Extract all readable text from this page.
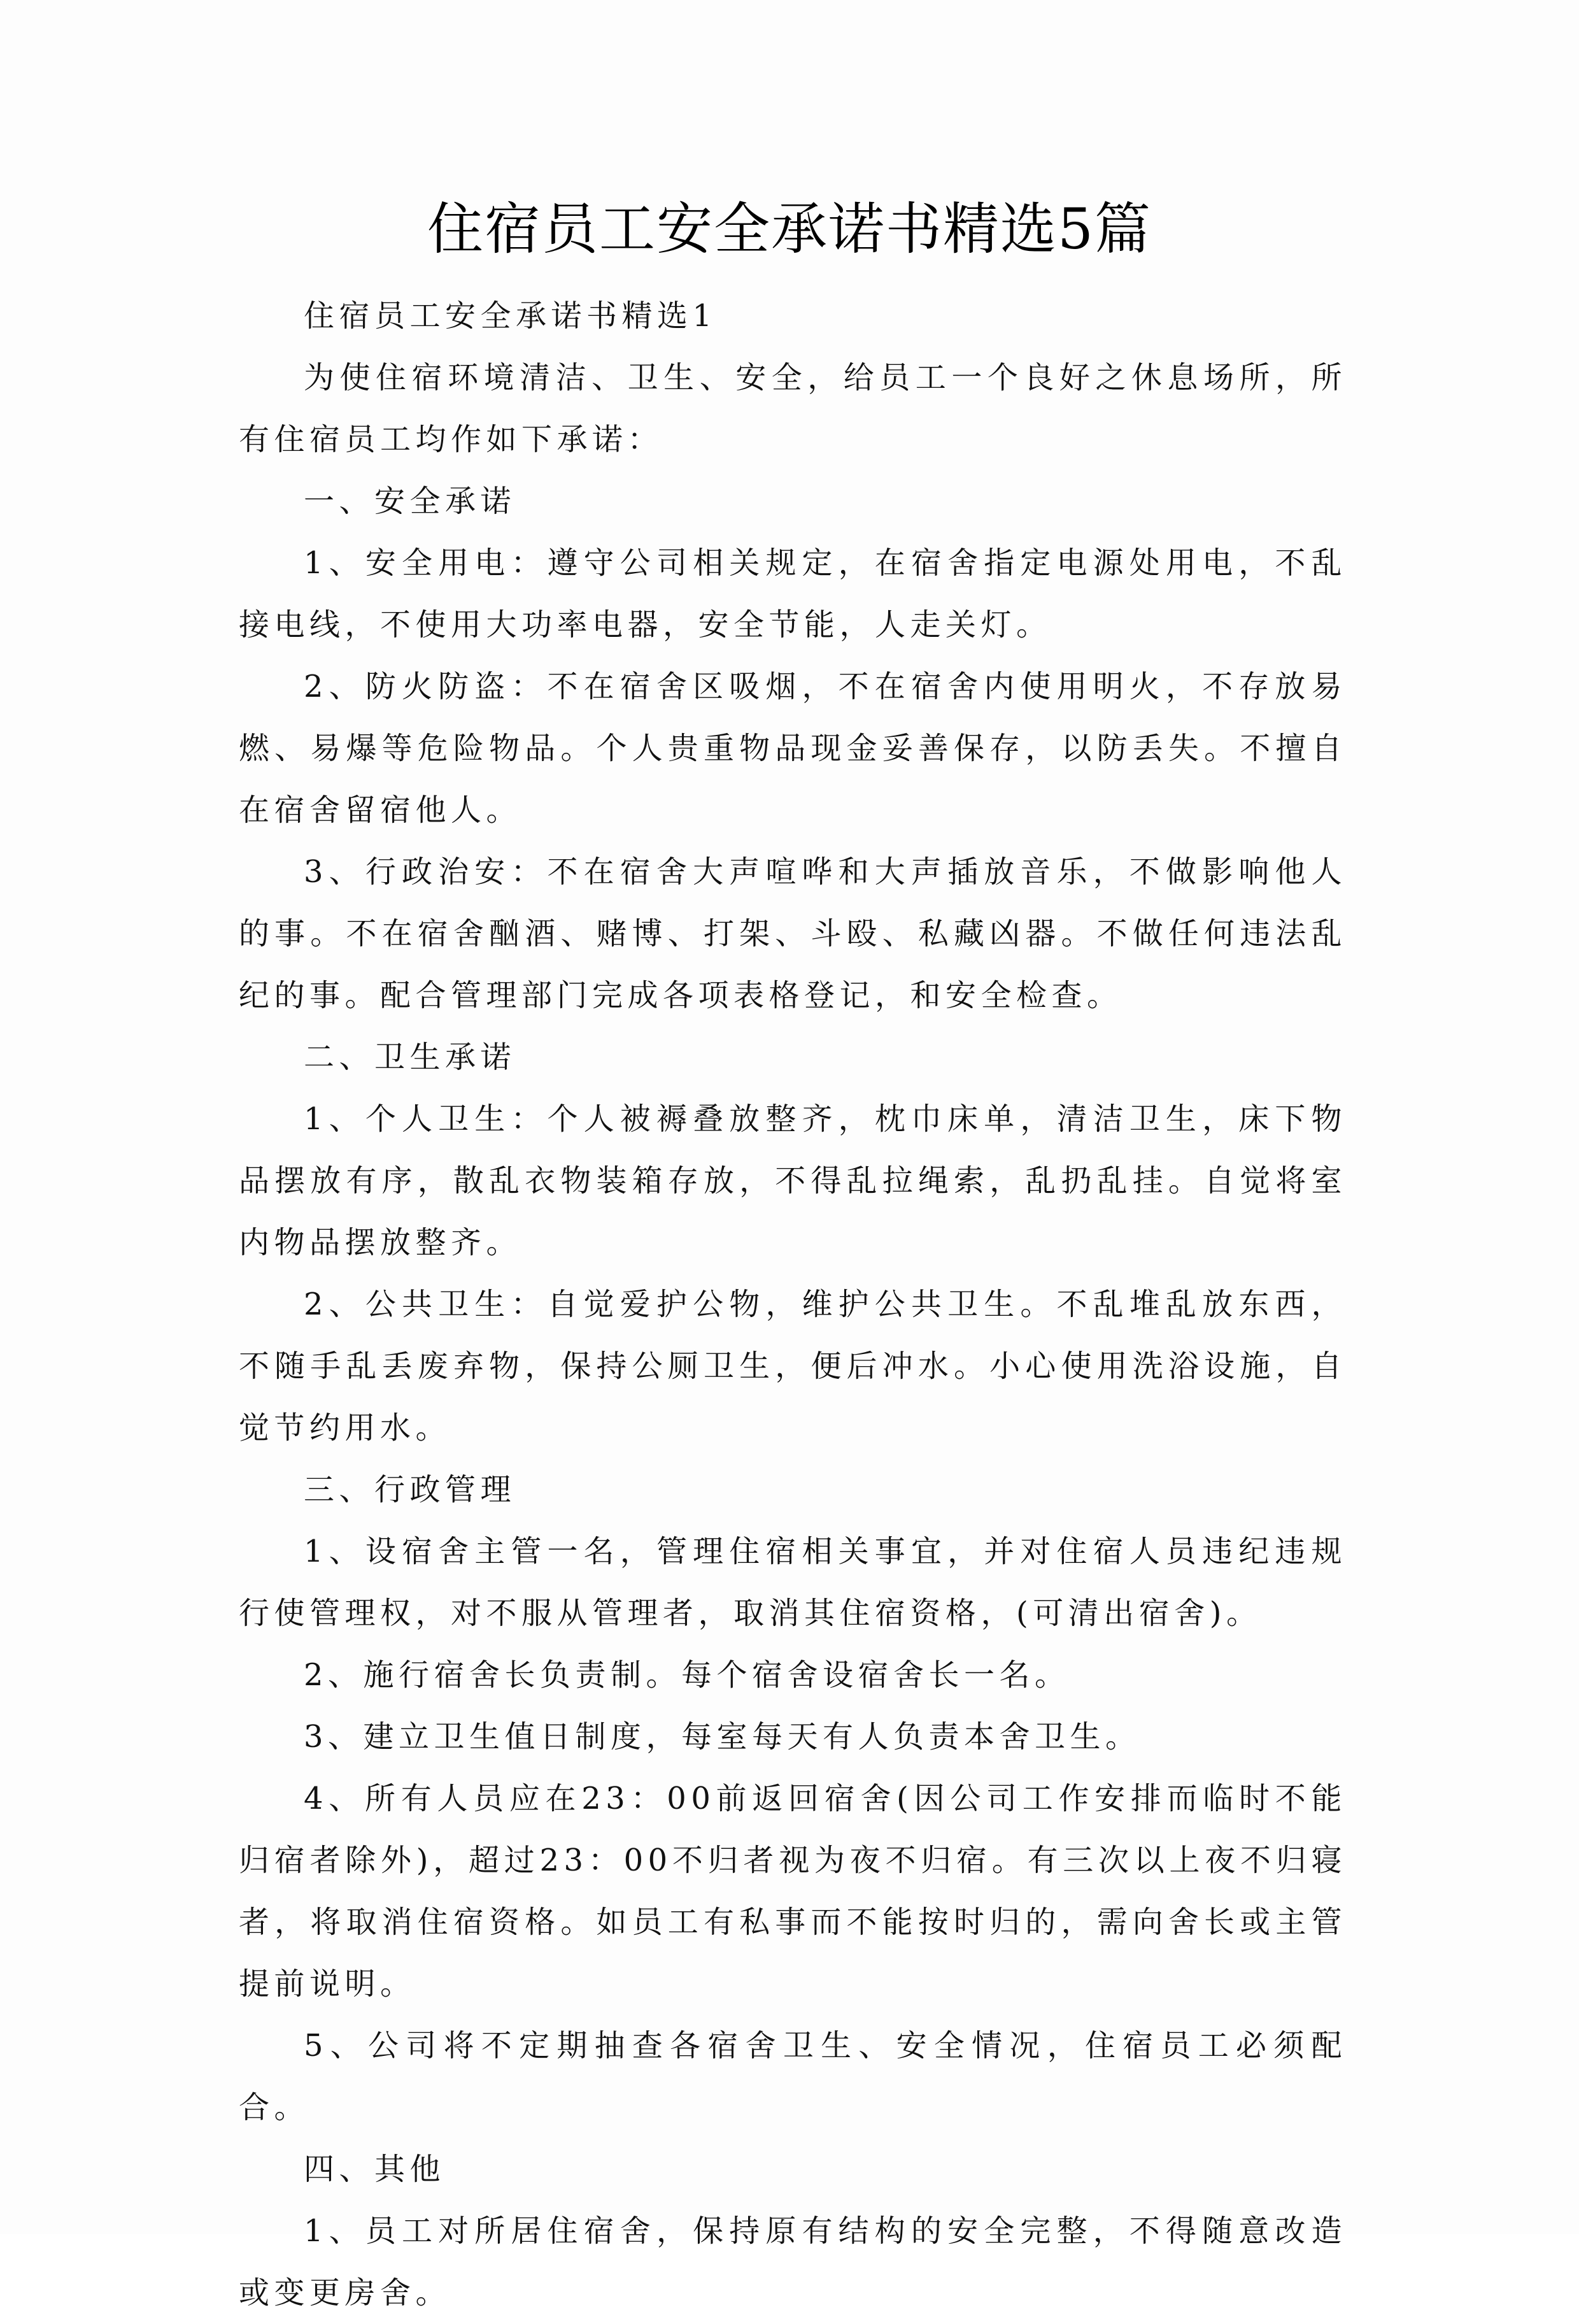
住宿员工安全承诺书精选5篇

住宿员工安全承诺书精选1

为使住宿环境清洁、卫生、安全，给员工一个良好之休息场所，所有住宿员工均作如下承诺：

一、安全承诺

1、安全用电：遵守公司相关规定，在宿舍指定电源处用电，不乱接电线，不使用大功率电器，安全节能，人走关灯。

2、防火防盗：不在宿舍区吸烟，不在宿舍内使用明火，不存放易燃、易爆等危险物品。个人贵重物品现金妥善保存，以防丢失。不擅自在宿舍留宿他人。

3、行政治安：不在宿舍大声喧哗和大声插放音乐，不做影响他人的事。不在宿舍酗酒、赌博、打架、斗殴、私藏凶器。不做任何违法乱纪的事。配合管理部门完成各项表格登记，和安全检查。

二、卫生承诺

1、个人卫生：个人被褥叠放整齐，枕巾床单，清洁卫生，床下物品摆放有序，散乱衣物装箱存放，不得乱拉绳索，乱扔乱挂。自觉将室内物品摆放整齐。

2、公共卫生：自觉爱护公物，维护公共卫生。不乱堆乱放东西，不随手乱丢废弃物，保持公厕卫生，便后冲水。小心使用洗浴设施，自觉节约用水。

三、行政管理

1、设宿舍主管一名，管理住宿相关事宜，并对住宿人员违纪违规行使管理权，对不服从管理者，取消其住宿资格，(可清出宿舍)。

2、施行宿舍长负责制。每个宿舍设宿舍长一名。

3、建立卫生值日制度，每室每天有人负责本舍卫生。

4、所有人员应在23：00前返回宿舍(因公司工作安排而临时不能归宿者除外)，超过23：00不归者视为夜不归宿。有三次以上夜不归寝者，将取消住宿资格。如员工有私事而不能按时归的，需向舍长或主管提前说明。

5、公司将不定期抽查各宿舍卫生、安全情况，住宿员工必须配合。

四、其他

1、员工对所居住宿舍，保持原有结构的安全完整，不得随意改造或变更房舍。
